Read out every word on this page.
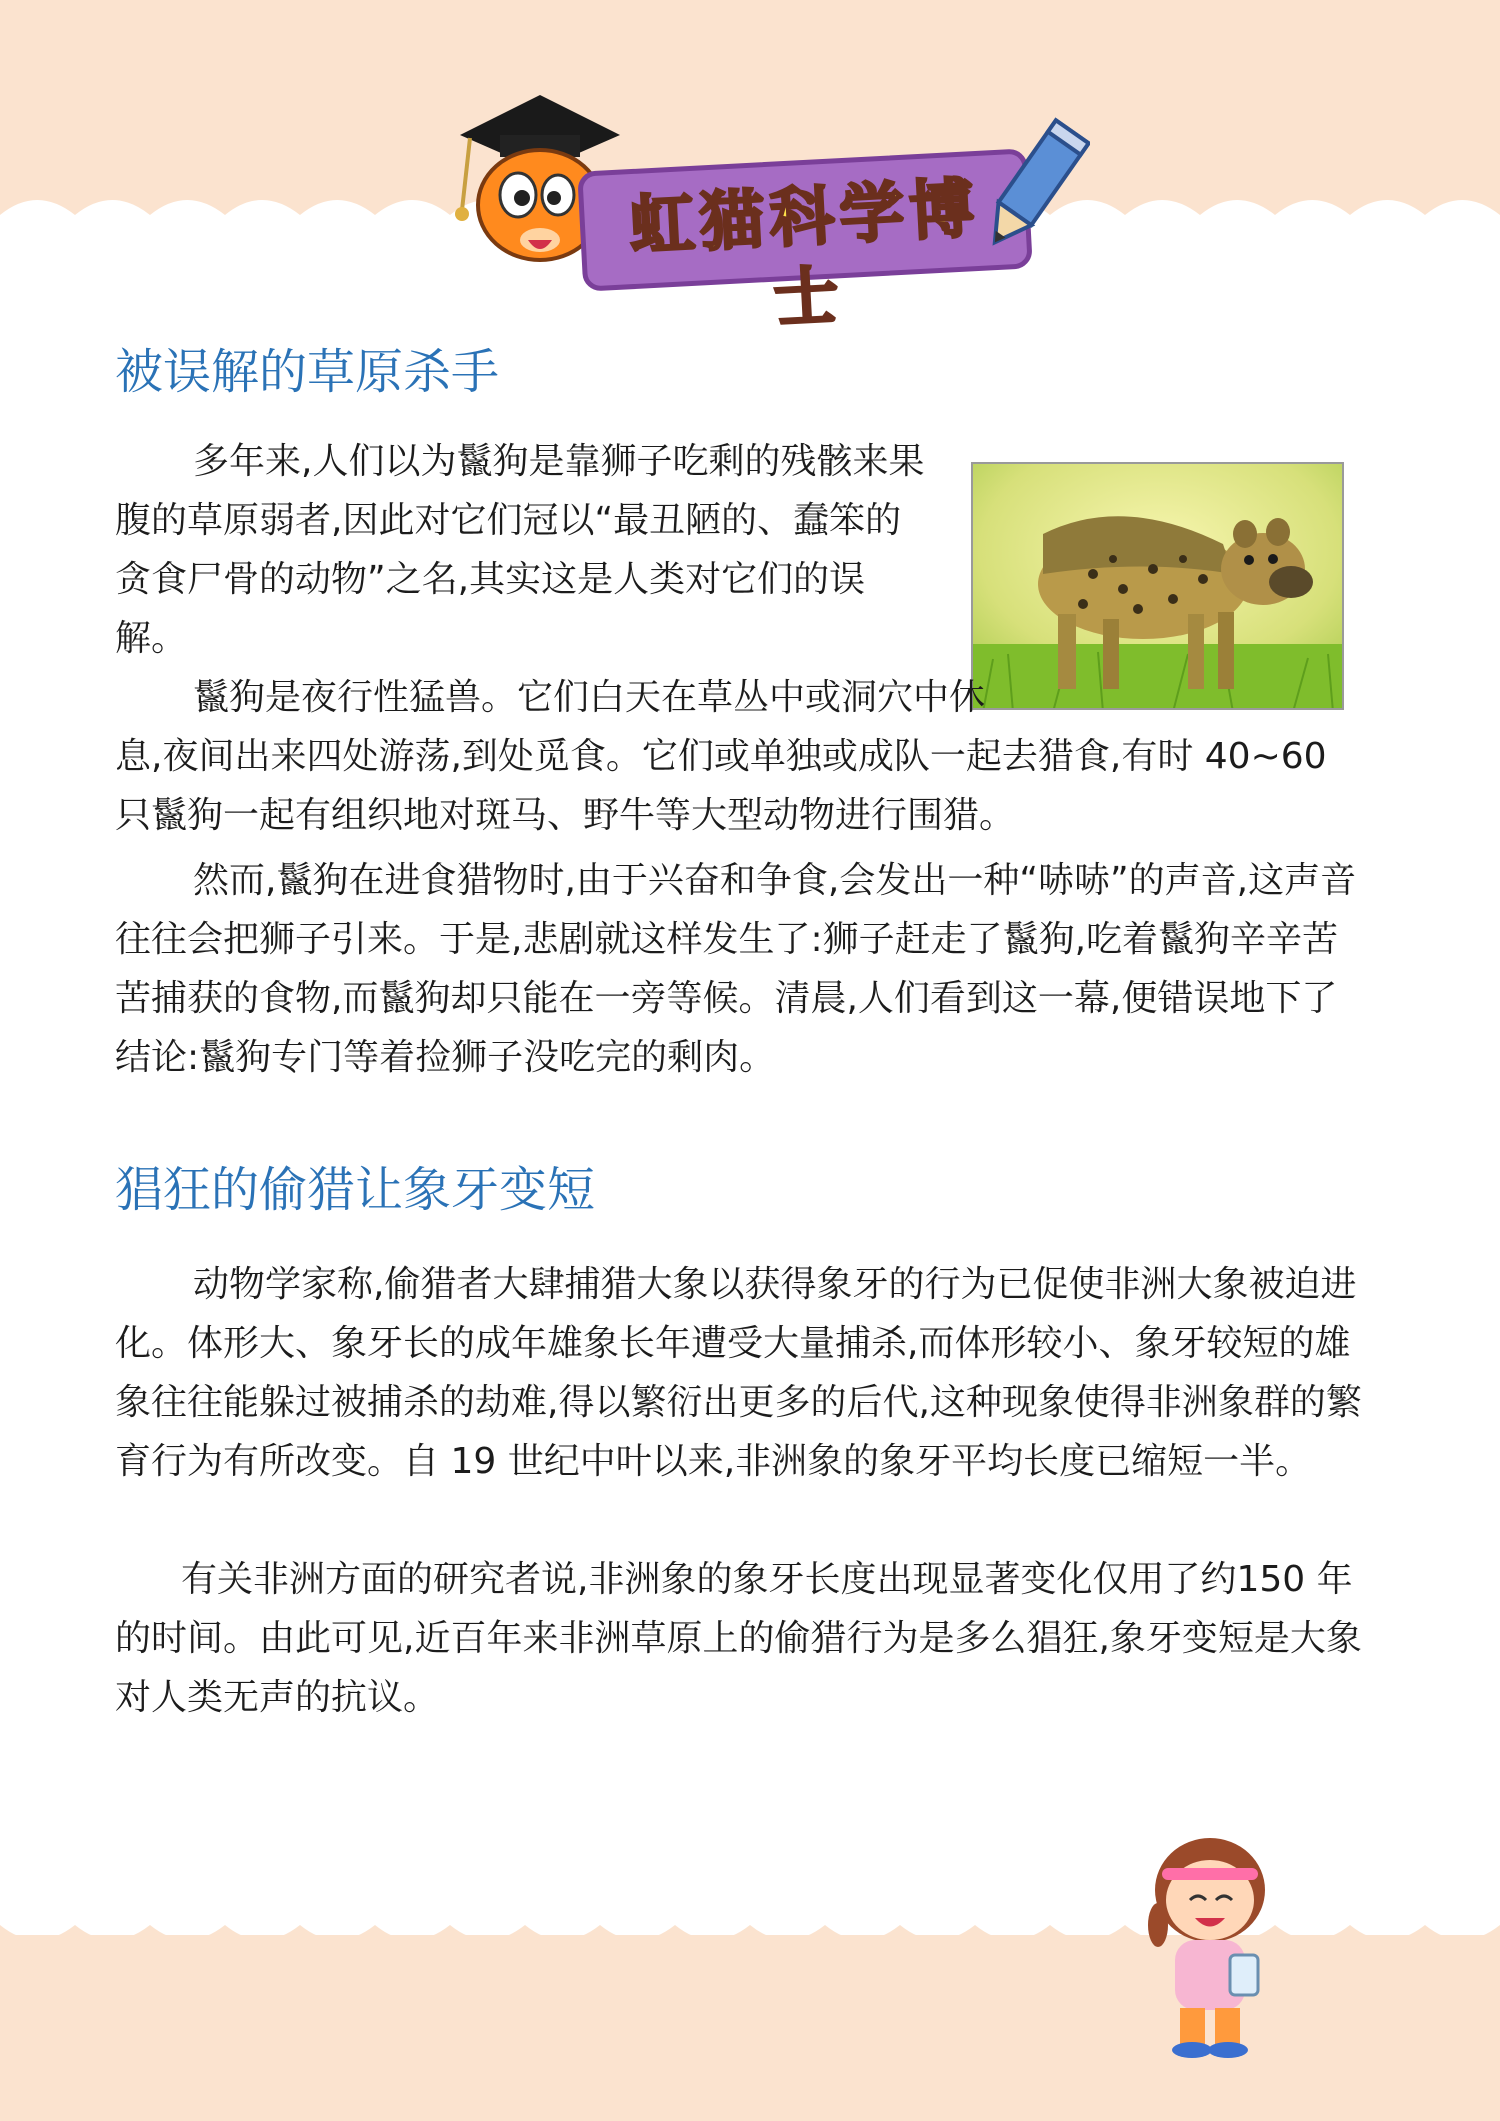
虹猫科学博士
被误解的草原杀手

多年来,人们以为鬣狗是靠狮子吃剩的残骸来果腹的草原弱者,因此对它们冠以“最丑陋的、蠢笨的贪食尸骨的动物”之名,其实这是人类对它们的误解。

鬣狗是夜行性猛兽。它们白天在草丛中或洞穴中休息,夜间出来四处游荡,到处觅食。它们或单独或成队一起去猎食,有时 40~60 只鬣狗一起有组织地对斑马、野牛等大型动物进行围猎。

然而,鬣狗在进食猎物时,由于兴奋和争食,会发出一种“哧哧”的声音,这声音往往会把狮子引来。于是,悲剧就这样发生了:狮子赶走了鬣狗,吃着鬣狗辛辛苦苦捕获的食物,而鬣狗却只能在一旁等候。清晨,人们看到这一幕,便错误地下了结论:鬣狗专门等着捡狮子没吃完的剩肉。

猖狂的偷猎让象牙变短

动物学家称,偷猎者大肆捕猎大象以获得象牙的行为已促使非洲大象被迫进化。体形大、象牙长的成年雄象长年遭受大量捕杀,而体形较小、象牙较短的雄象往往能躲过被捕杀的劫难,得以繁衍出更多的后代,这种现象使得非洲象群的繁育行为有所改变。自 19 世纪中叶以来,非洲象的象牙平均长度已缩短一半。

有关非洲方面的研究者说,非洲象的象牙长度出现显著变化仅用了约150 年的时间。由此可见,近百年来非洲草原上的偷猎行为是多么猖狂,象牙变短是大象对人类无声的抗议。
